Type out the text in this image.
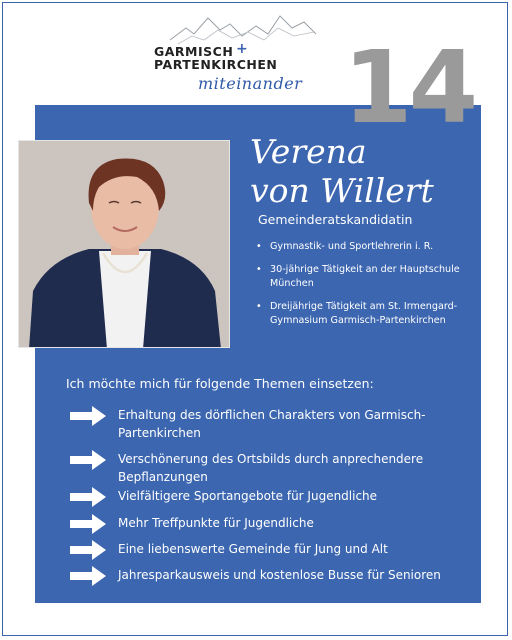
GARMISCH +
PARTENKIRCHEN
miteinander 14
Verena
von Willert
Gemeinderatskandidatin
• Gymnastik- und Sportlehrerin i. R.
• 30-jährige Tätigkeit an der Hauptschule München
• Dreijährige Tätigkeit am St. Irmengard-Gymnasium Garmisch-Partenkirchen
Ich möchte mich für folgende Themen einsetzen:
Erhaltung des dörflichen Charakters von Garmisch-Partenkirchen
Verschönerung des Ortsbilds durch anprechendere Bepflanzungen
Vielfältigere Sportangebote für Jugendliche
Mehr Treffpunkte für Jugendliche
Eine liebenswerte Gemeinde für Jung und Alt
Jahresparkausweis und kostenlose Busse für Senioren
